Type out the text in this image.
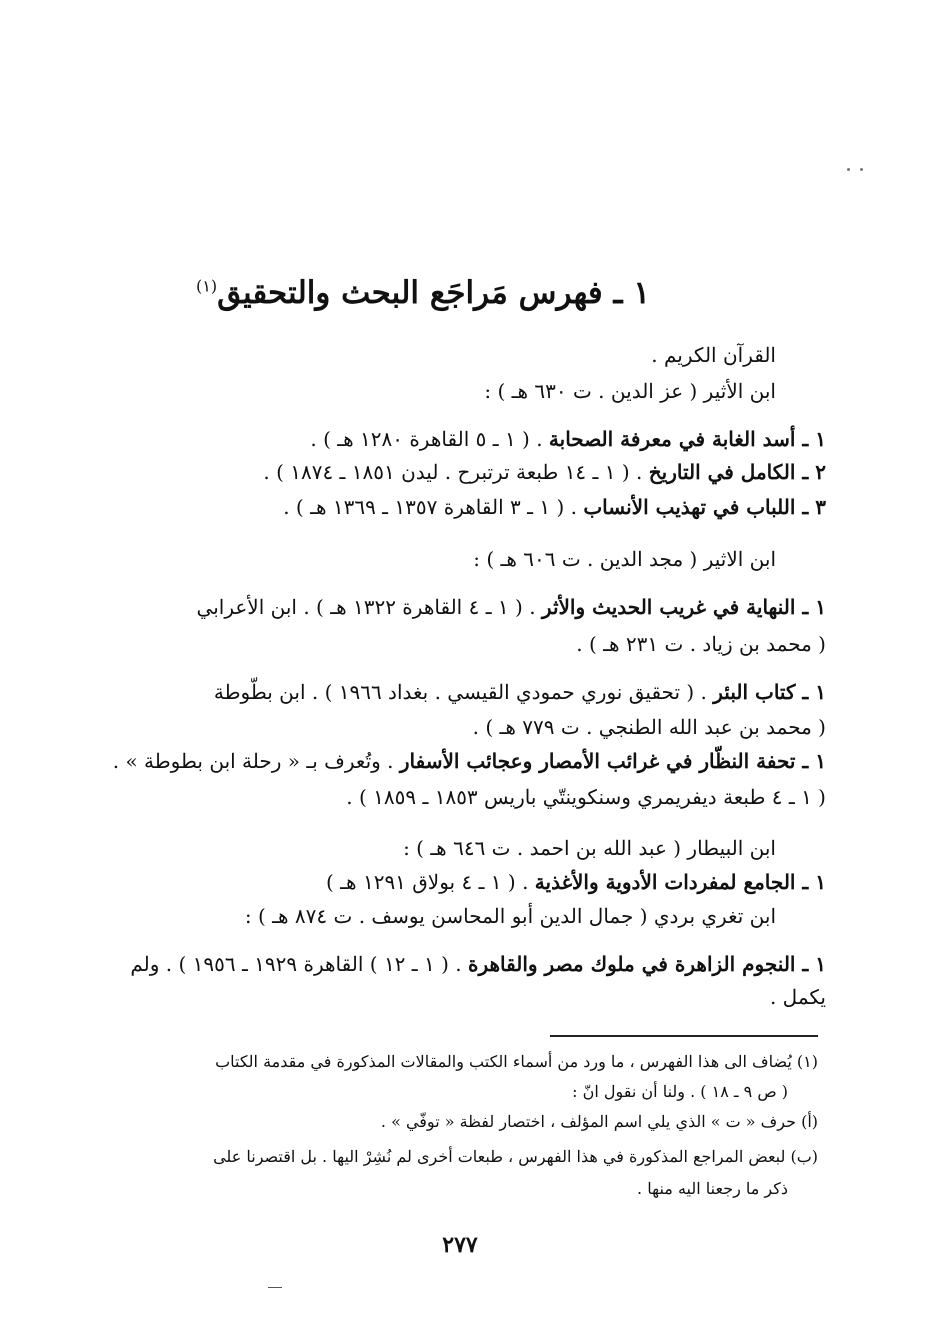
١ ـ فهرس مَراجَع البحث والتحقيق$^{(١)}$
القرآن الكريم .
ابن الأثير ( عز الدين . ت ٦٣٠ هـ ) :
١ ـ أسد الغابة في معرفة الصحابة . ( ١ ـ ٥ القاهرة ١٢٨٠ هـ ) .
٢ ـ الكامل في التاريخ . ( ١ ـ ١٤ طبعة ترتبرح . ليدن ١٨٥١ ـ ١٨٧٤ ) .
٣ ـ اللباب في تهذيب الأنساب . ( ١ ـ ٣ القاهرة ١٣٥٧ ـ ١٣٦٩ هـ ) .
ابن الاثير ( مجد الدين . ت ٦٠٦ هـ ) :
١ ـ النهاية في غريب الحديث والأثر . ( ١ ـ ٤ القاهرة ١٣٢٢ هـ ) . ابن الأعرابي
( محمد بن زياد . ت ٢٣١ هـ ) .
١ ـ كتاب البئر . ( تحقيق نوري حمودي القيسي . بغداد ١٩٦٦ ) . ابن بطّوطة
( محمد بن عبد الله الطنجي . ت ٧٧٩ هـ ) .
١ ـ تحفة النظّار في غرائب الأمصار وعجائب الأسفار . وتُعرف بـ « رحلة ابن بطوطة » .
( ١ ـ ٤ طبعة ديفريمري وسنكوينتّي باريس ١٨٥٣ ـ ١٨٥٩ ) .
ابن البيطار ( عبد الله بن احمد . ت ٦٤٦ هـ ) :
١ ـ الجامع لمفردات الأدوية والأغذية . ( ١ ـ ٤ بولاق ١٢٩١ هـ )
ابن تغري بردي ( جمال الدين أبو المحاسن يوسف . ت ٨٧٤ هـ ) :
١ ـ النجوم الزاهرة في ملوك مصر والقاهرة . ( ١ ـ ١٢ ) القاهرة ١٩٢٩ ـ ١٩٥٦ ) . ولم
يكمل .
(١) يُضاف الى هذا الفهرس ، ما ورد من أسماء الكتب والمقالات المذكورة في مقدمة الكتاب
( ص ٩ ـ ١٨ ) . ولنا أن نقول انّ :
(أ) حرف « ت » الذي يلي اسم المؤلف ، اختصار لفظة « توفّي » .
(ب) لبعض المراجع المذكورة في هذا الفهرس ، طبعات أخرى لم نُشِرْ اليها . بل اقتصرنا على
ذكر ما رجعنا اليه منها .
٢٧٧
